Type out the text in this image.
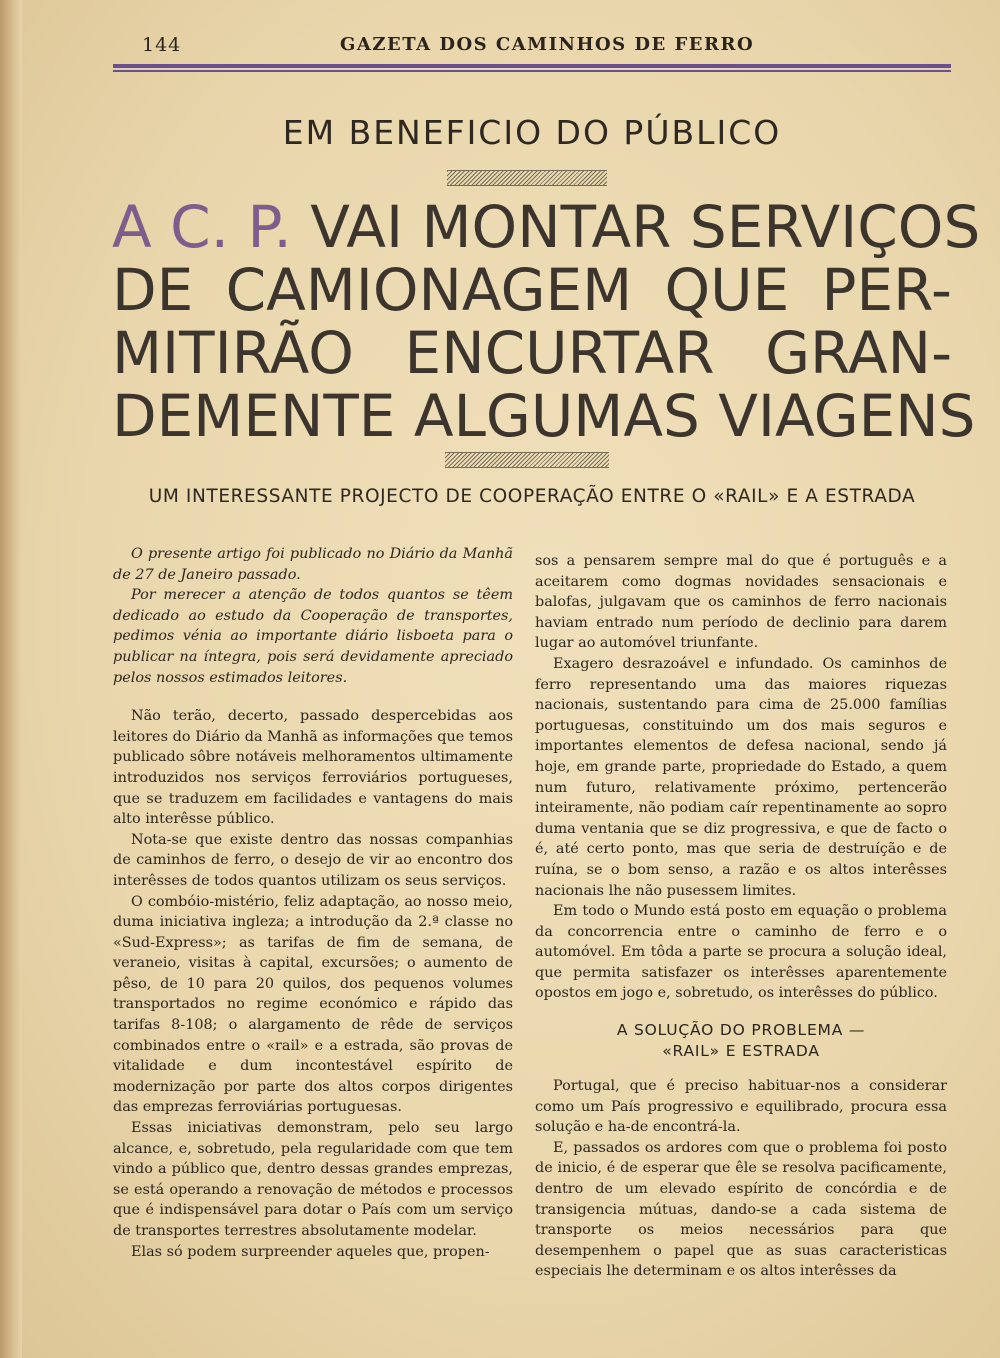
144	GAZETA DOS CAMINHOS DE FERRO
EM BENEFICIO DO PÚBLICO
A C. P. VAI MONTAR SERVIÇOS
DE CAMIONAGEM QUE PER-
MITIRÃO ENCURTAR GRAN-
DEMENTE ALGUMAS VIAGENS
UM INTERESSANTE PROJECTO DE COOPERAÇÃO ENTRE O «RAIL» E A ESTRADA

O presente artigo foi publicado no Diário da Manhã de 27 de Janeiro passado.

Por merecer a atenção de todos quantos se têem dedicado ao estudo da Cooperação de transportes, pedimos vénia ao importante diário lisboeta para o publicar na íntegra, pois será devidamente apreciado pelos nossos estimados leitores.

Não terão, decerto, passado despercebidas aos leitores do Diário da Manhã as informações que temos publicado sôbre notáveis melhoramentos ultimamente introduzidos nos serviços ferroviários portugueses, que se traduzem em facilidades e vantagens do mais alto interêsse público.

Nota-se que existe dentro das nossas companhias de caminhos de ferro, o desejo de vir ao encontro dos interêsses de todos quantos utilizam os seus serviços.

O combóio-mistério, feliz adaptação, ao nosso meio, duma iniciativa ingleza; a introdução da 2.ª classe no «Sud-Express»; as tarifas de fim de semana, de veraneio, visitas à capital, excursões; o aumento de pêso, de 10 para 20 quilos, dos pequenos volumes transportados no regime económico e rápido das tarifas 8-108; o alargamento de rêde de serviços combinados entre o «rail» e a estrada, são provas de vitalidade e dum incontestável espírito de modernização por parte dos altos corpos dirigentes das emprezas ferroviárias portuguesas.

Essas iniciativas demonstram, pelo seu largo alcance, e, sobretudo, pela regularidade com que tem vindo a público que, dentro dessas grandes emprezas, se está operando a renovação de métodos e processos que é indispensável para dotar o País com um serviço de transportes terrestres absolutamente modelar.

Elas só podem surpreender aqueles que, propen-

sos a pensarem sempre mal do que é português e a aceitarem como dogmas novidades sensacionais e balofas, julgavam que os caminhos de ferro nacionais haviam entrado num período de declinio para darem lugar ao automóvel triunfante.

Exagero desrazoável e infundado. Os caminhos de ferro representando uma das maiores riquezas nacionais, sustentando para cima de 25.000 famílias portuguesas, constituindo um dos mais seguros e importantes elementos de defesa nacional, sendo já hoje, em grande parte, propriedade do Estado, a quem num futuro, relativamente próximo, pertencerão inteiramente, não podiam caír repentinamente ao sopro duma ventania que se diz progressiva, e que de facto o é, até certo ponto, mas que seria de destruíção e de ruína, se o bom senso, a razão e os altos interêsses nacionais lhe não pusessem limites.

Em todo o Mundo está posto em equação o problema da concorrencia entre o caminho de ferro e o automóvel. Em tôda a parte se procura a solução ideal, que permita satisfazer os interêsses aparentemente opostos em jogo e, sobretudo, os interêsses do público.

A SOLUÇÃO DO PROBLEMA —
«RAIL» E ESTRADA

Portugal, que é preciso habituar-nos a considerar como um País progressivo e equilibrado, procura essa solução e ha-de encontrá-la.

E, passados os ardores com que o problema foi posto de inicio, é de esperar que êle se resolva pacificamente, dentro de um elevado espírito de concórdia e de transigencia mútuas, dando-se a cada sistema de transporte os meios necessários para que desempenhem o papel que as suas caracteristicas especiais lhe determinam e os altos interêsses da
